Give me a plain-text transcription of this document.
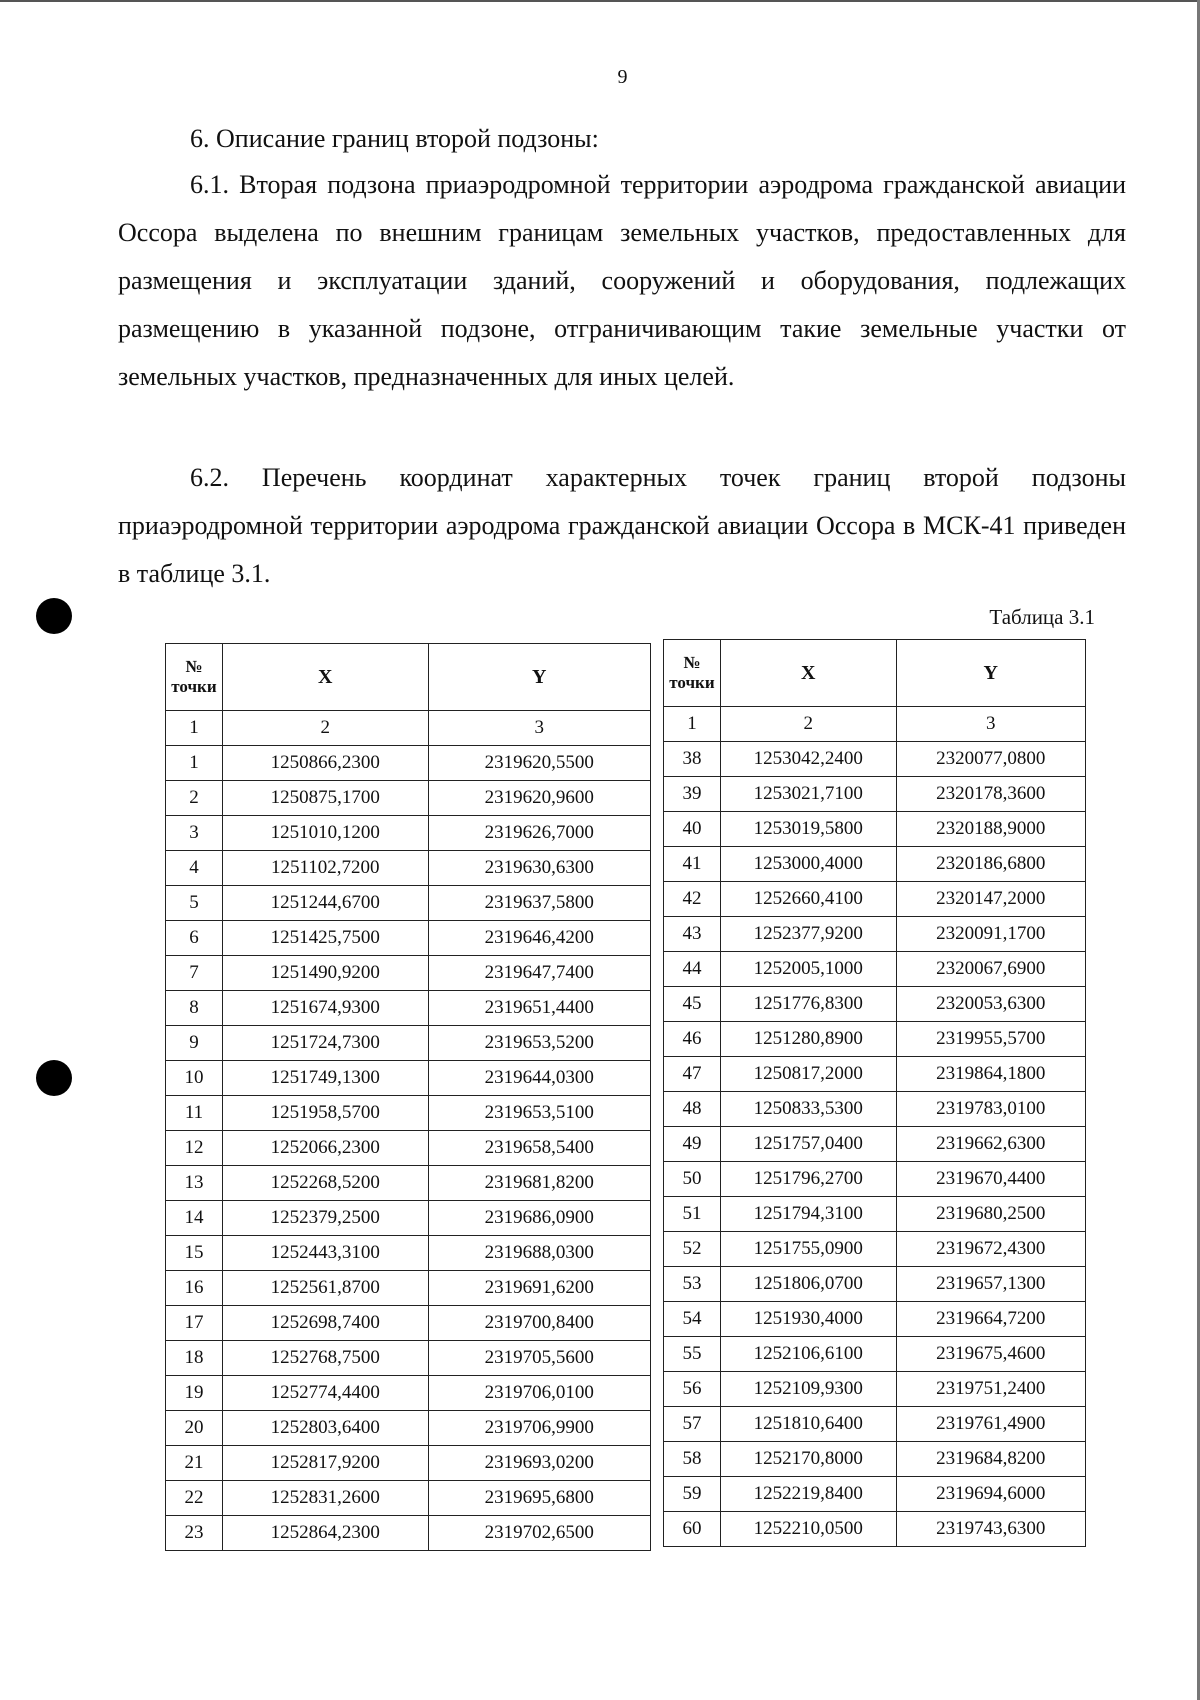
9
6. Описание границ второй подзоны:

6.1. Вторая подзона приаэродромной территории аэродрома гражданской авиации Оссора выделена по внешним границам земельных участков, предоставленных для размещения и эксплуатации зданий, сооружений и оборудования, подлежащих размещению в указанной подзоне, отграничивающим такие земельные участки от земельных участков, предназначенных для иных целей.

6.2. Перечень координат характерных точек границ второй подзоны приаэродромной территории аэродрома гражданской авиации Оссора в МСК-41 приведен в таблице 3.1.

Таблица 3.1
№
точки	X	Y
1	2	3
1	1250866,2300	2319620,5500
2	1250875,1700	2319620,9600
3	1251010,1200	2319626,7000
4	1251102,7200	2319630,6300
5	1251244,6700	2319637,5800
6	1251425,7500	2319646,4200
7	1251490,9200	2319647,7400
8	1251674,9300	2319651,4400
9	1251724,7300	2319653,5200
10	1251749,1300	2319644,0300
11	1251958,5700	2319653,5100
12	1252066,2300	2319658,5400
13	1252268,5200	2319681,8200
14	1252379,2500	2319686,0900
15	1252443,3100	2319688,0300
16	1252561,8700	2319691,6200
17	1252698,7400	2319700,8400
18	1252768,7500	2319705,5600
19	1252774,4400	2319706,0100
20	1252803,6400	2319706,9900
21	1252817,9200	2319693,0200
22	1252831,2600	2319695,6800
23	1252864,2300	2319702,6500
№
точки	X	Y
1	2	3
38	1253042,2400	2320077,0800
39	1253021,7100	2320178,3600
40	1253019,5800	2320188,9000
41	1253000,4000	2320186,6800
42	1252660,4100	2320147,2000
43	1252377,9200	2320091,1700
44	1252005,1000	2320067,6900
45	1251776,8300	2320053,6300
46	1251280,8900	2319955,5700
47	1250817,2000	2319864,1800
48	1250833,5300	2319783,0100
49	1251757,0400	2319662,6300
50	1251796,2700	2319670,4400
51	1251794,3100	2319680,2500
52	1251755,0900	2319672,4300
53	1251806,0700	2319657,1300
54	1251930,4000	2319664,7200
55	1252106,6100	2319675,4600
56	1252109,9300	2319751,2400
57	1251810,6400	2319761,4900
58	1252170,8000	2319684,8200
59	1252219,8400	2319694,6000
60	1252210,0500	2319743,6300
